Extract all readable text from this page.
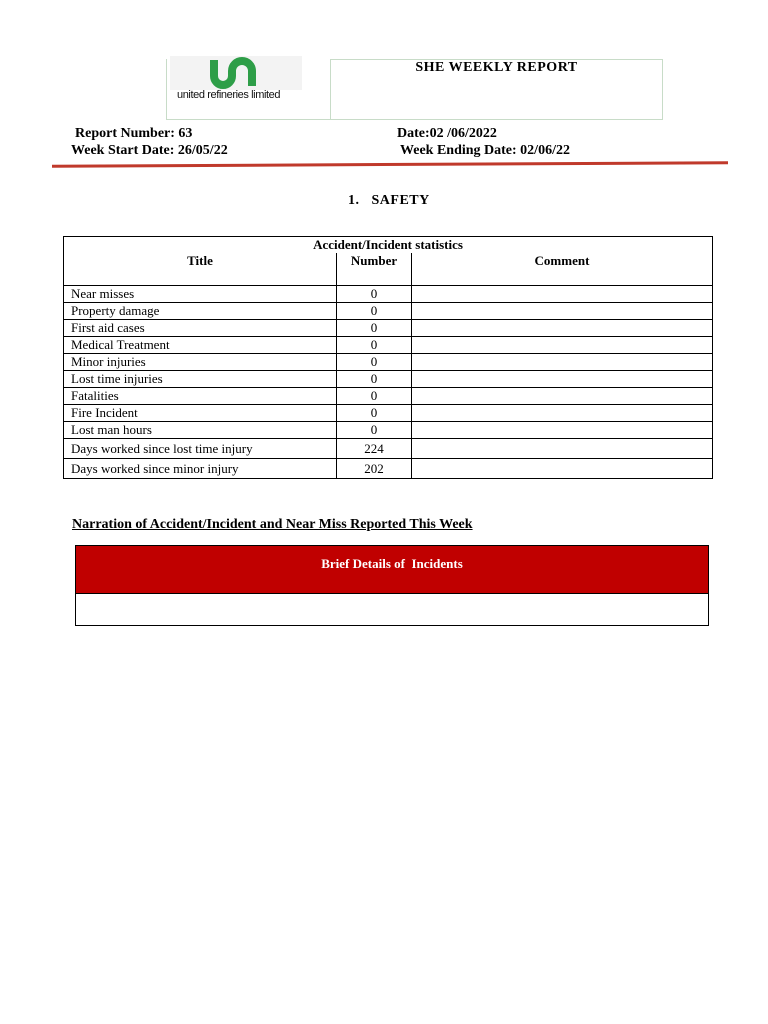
united refineries limited
SHE WEEKLY REPORT
Report Number: 63	Date:02 /06/2022
Week Start Date: 26/05/22	Week Ending Date: 02/06/22
1.   SAFETY
Accident/Incident statistics		
Title	Number	Comment
Near misses	0	
Property damage	0	
First aid cases	0	
Medical Treatment	0	
Minor injuries	0	
Lost time injuries	0	
Fatalities	0	
Fire Incident	0	
Lost man hours	0	
Days worked since lost time injury	224	
Days worked since minor injury	202	
Narration of Accident/Incident and Near Miss Reported This Week
Brief Details of  Incidents
